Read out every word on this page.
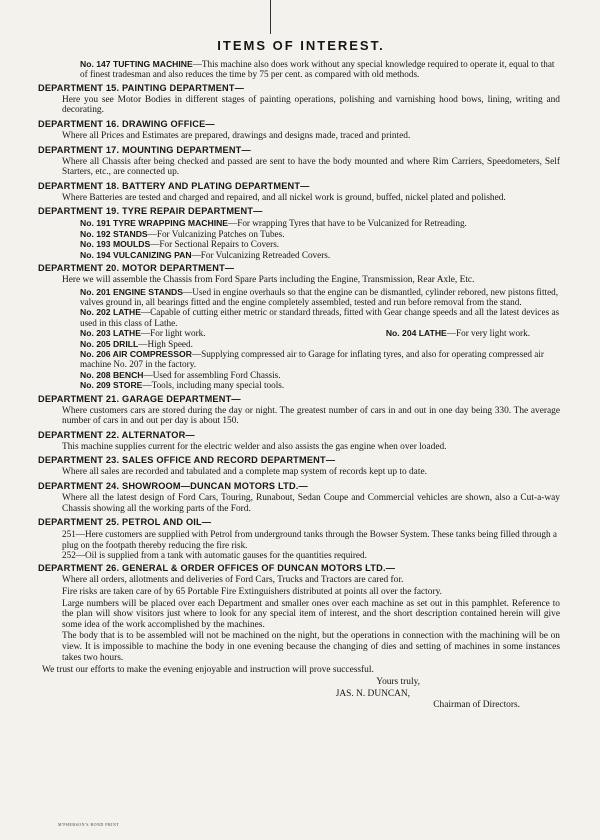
ITEMS OF INTEREST.
No. 147 TUFTING MACHINE—This machine also does work without any special knowledge required to operate it, equal to that of finest tradesman and also reduces the time by 75 per cent. as compared with old methods.
DEPARTMENT 15. PAINTING DEPARTMENT—
Here you see Motor Bodies in different stages of painting operations, polishing and varnishing hood bows, lining, writing and decorating.
DEPARTMENT 16. DRAWING OFFICE—
Where all Prices and Estimates are prepared, drawings and designs made, traced and printed.
DEPARTMENT 17. MOUNTING DEPARTMENT—
Where all Chassis after being checked and passed are sent to have the body mounted and where Rim Carriers, Speedometers, Self Starters, etc., are connected up.
DEPARTMENT 18. BATTERY AND PLATING DEPARTMENT—
Where Batteries are tested and charged and repaired, and all nickel work is ground, buffed, nickel plated and polished.
DEPARTMENT 19. TYRE REPAIR DEPARTMENT—
No. 191 TYRE WRAPPING MACHINE—For wrapping Tyres that have to be Vulcanized for Retreading.
No. 192 STANDS—For Vulcanizing Patches on Tubes.
No. 193 MOULDS—For Sectional Repairs to Covers.
No. 194 VULCANIZING PAN—For Vulcanizing Retreaded Covers.
DEPARTMENT 20. MOTOR DEPARTMENT—
Here we will assemble the Chassis from Ford Spare Parts including the Engine, Transmission, Rear Axle, Etc.
No. 201 ENGINE STANDS—Used in engine overhauls so that the engine can be dismantled, cylinder rebored, new pistons fitted, valves ground in, all bearings fitted and the engine completely assembled, tested and run before removal from the stand.
No. 202 LATHE—Capable of cutting either metric or standard threads, fitted with Gear change speeds and all the latest devices as used in this class of Lathe.
No. 203 LATHE—For light work.	No. 204 LATHE—For very light work.
No. 205 DRILL—High Speed.
No. 206 AIR COMPRESSOR—Supplying compressed air to Garage for inflating tyres, and also for operating compressed air machine No. 207 in the factory.
No. 208 BENCH—Used for assembling Ford Chassis.
No. 209 STORE—Tools, including many special tools.
DEPARTMENT 21. GARAGE DEPARTMENT—
Where customers cars are stored during the day or night. The greatest number of cars in and out in one day being 330. The average number of cars in and out per day is about 150.
DEPARTMENT 22. ALTERNATOR—
This machine supplies current for the electric welder and also assists the gas engine when over loaded.
DEPARTMENT 23. SALES OFFICE AND RECORD DEPARTMENT—
Where all sales are recorded and tabulated and a complete map system of records kept up to date.
DEPARTMENT 24. SHOWROOM—DUNCAN MOTORS LTD.—
Where all the latest design of Ford Cars, Touring, Runabout, Sedan Coupe and Commercial vehicles are shown, also a Cut-a-way Chassis showing all the working parts of the Ford.
DEPARTMENT 25. PETROL AND OIL—
251—Here customers are supplied with Petrol from underground tanks through the Bowser System. These tanks being filled through a plug on the footpath thereby reducing the fire risk.
252—Oil is supplied from a tank with automatic gauses for the quantities required.
DEPARTMENT 26. GENERAL & ORDER OFFICES OF DUNCAN MOTORS LTD.—
Where all orders, allotments and deliveries of Ford Cars, Trucks and Tractors are cared for.
Fire risks are taken care of by 65 Portable Fire Extinguishers distributed at points all over the factory.
Large numbers will be placed over each Department and smaller ones over each machine as set out in this pamphlet. Reference to the plan will show visitors just where to look for any special item of interest, and the short description contained herein will give some idea of the work accomplished by the machines.
The body that is to be assembled will not be machined on the night, but the operations in connection with the machining will be on view. It is impossible to machine the body in one evening because the changing of dies and setting of machines in some instances takes two hours.

We trust our efforts to make the evening enjoyable and instruction will prove successful.

Yours truly,
JAS. N. DUNCAN,
Chairman of Directors.
M'PHERSON'S BOND PRINT
